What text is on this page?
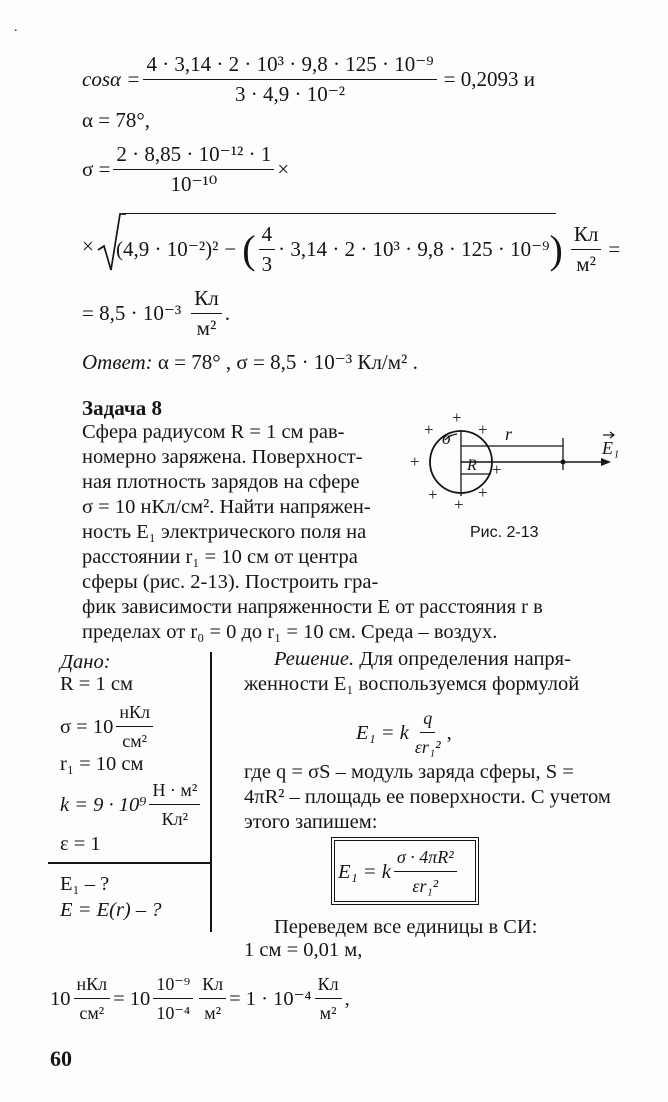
.
$\cos\alpha = \frac{\text{4 · 3,14 · 2 · 10³ · 9,8 · 125 · 10⁻⁹}}{\text{3 · 4,9 · 10⁻²}} = 0,2093$ и
α = 78°,
$\sigma = \frac{\text{2 · 8,85 · 10⁻¹² · 1}}{\text{10⁻¹⁰}}$ ×
× (4,9 · 10⁻²)² − ( $\frac{4}{3} \cdot 3,14 \cdot 2 \cdot 10^3 \cdot 9,8 \cdot 125 \cdot 10^{-9}$ ) $\frac{Кл}{\text{м²}}$ =
= $8,5 \cdot 10^{-3} \frac{Кл}{\text{м²}}$ .
Ответ: α = 78° , σ = 8,5 · 10⁻³ Кл/м² .
Задача 8
Сфера радиусом R = 1 см рав-
номерно заряжена. Поверхност-
ная плотность зарядов на сфере
σ = 10 нКл/см². Найти напряжен-
ность E₁ электрического поля на
расстоянии r₁ = 10 см от центра
сферы (рис. 2-13). Построить гра-
фик зависимости напряженности E от расстояния r в
пределах от r₀ = 0 до r₁ = 10 см. Среда – воздух.
σ	r
R
E₁
+
+	+
+	+
+ +
+
Рис. 2-13
Дано:
R = 1 см
$\sigma = 10 \frac{\text{нКл}}{\text{см²}}$
r₁ = 10 см
$k = 9 \cdot 10^9 \frac{\text{Н · м²}}{\text{Кл²}}$
ε = 1
E₁ – ?
E = E(r) – ?
Решение. Для определения напря-
женности E₁ воспользуемся формулой
E₁ = k $\frac{q}{\text{εr₁²}}$ ,
где q = σS – модуль заряда сферы, S =
4πR² – площадь ее поверхности. С учетом
этого запишем:
E₁ = k $\frac{\text{σ · 4πR²}}{\text{εr₁²}}$
Переведем все единицы в СИ:
1 см = 0,01 м,
$10 \frac{\text{нКл}}{\text{см²}} = 10 \frac{\text{10⁻⁹}}{\text{10⁻⁴}} \frac{Кл}{\text{м²}} = 1 \cdot 10^{-4} \frac{Кл}{\text{м²}}$ ,
60
